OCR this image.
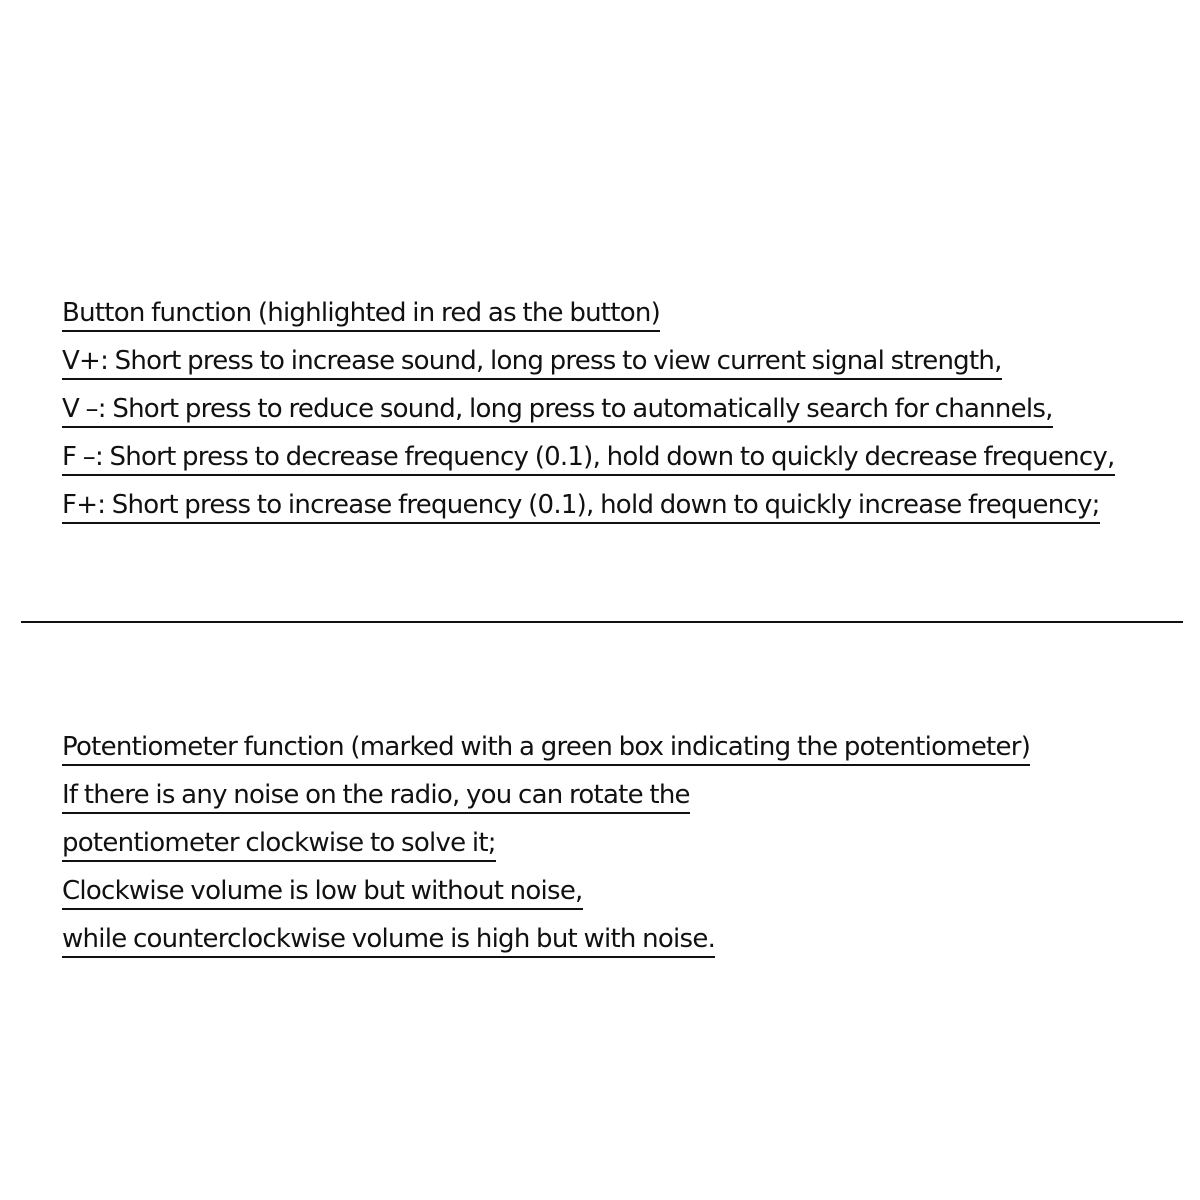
Button function (highlighted in red as the button)
V+: Short press to increase sound, long press to view current signal strength,
V –: Short press to reduce sound, long press to automatically search for channels,
F –: Short press to decrease frequency (0.1), hold down to quickly decrease frequency,
F+: Short press to increase frequency (0.1), hold down to quickly increase frequency;
Potentiometer function (marked with a green box indicating the potentiometer)
If there is any noise on the radio, you can rotate the
potentiometer clockwise to solve it;
Clockwise volume is low but without noise,
while counterclockwise volume is high but with noise.
